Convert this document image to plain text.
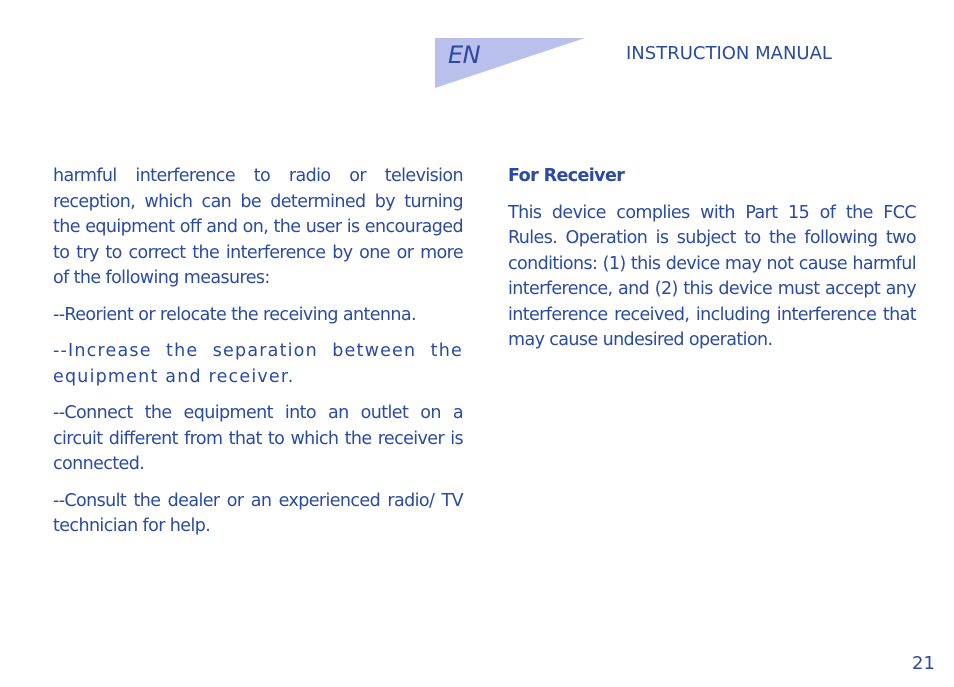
EN	INSTRUCTION MANUAL

harmful interference to radio or television reception, which can be determined by turning the equipment off and on, the user is encouraged to try to correct the interference by one or more of the following measures:

--Reorient or relocate the receiving antenna.

--Increase the separation between the equipment and receiver.

--Connect the equipment into an outlet on a circuit different from that to which the receiver is connected.

--Consult the dealer or an experienced radio/ TV technician for help.

For Receiver

This device complies with Part 15 of the FCC Rules. Operation is subject to the following two conditions: (1) this device may not cause harmful interference, and (2) this device must accept any interference received, including interference that may cause undesired operation.

21
